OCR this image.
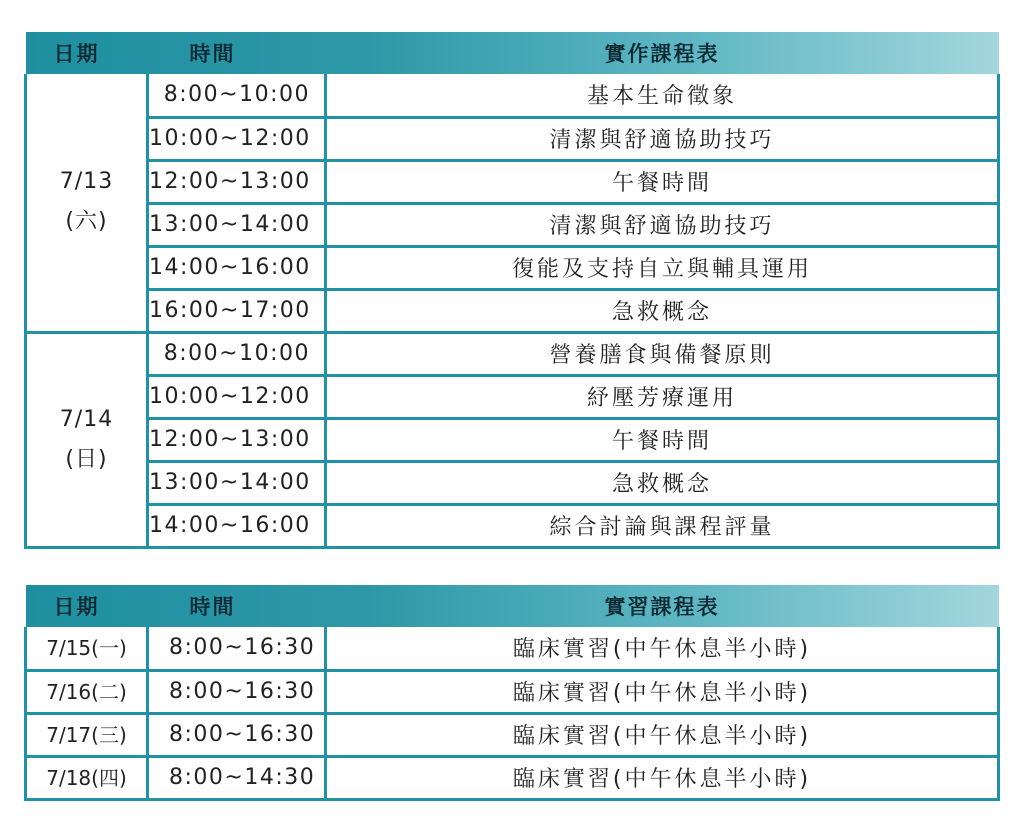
日期	時間	實作課程表

7/13
(六)	8:00~10:00	基本生命徵象
	10:00~12:00	清潔與舒適協助技巧
	12:00~13:00	午餐時間
	13:00~14:00	清潔與舒適協助技巧
	14:00~16:00	復能及支持自立與輔具運用
	16:00~17:00	急救概念

7/14
(日)	8:00~10:00	營養膳食與備餐原則
	10:00~12:00	紓壓芳療運用
	12:00~13:00	午餐時間
	13:00~14:00	急救概念
	14:00~16:00	綜合討論與課程評量
日期	時間	實習課程表
7/15(一)	8:00~16:30	臨床實習(中午休息半小時)
7/16(二)	8:00~16:30	臨床實習(中午休息半小時)
7/17(三)	8:00~16:30	臨床實習(中午休息半小時)
7/18(四)	8:00~14:30	臨床實習(中午休息半小時)
